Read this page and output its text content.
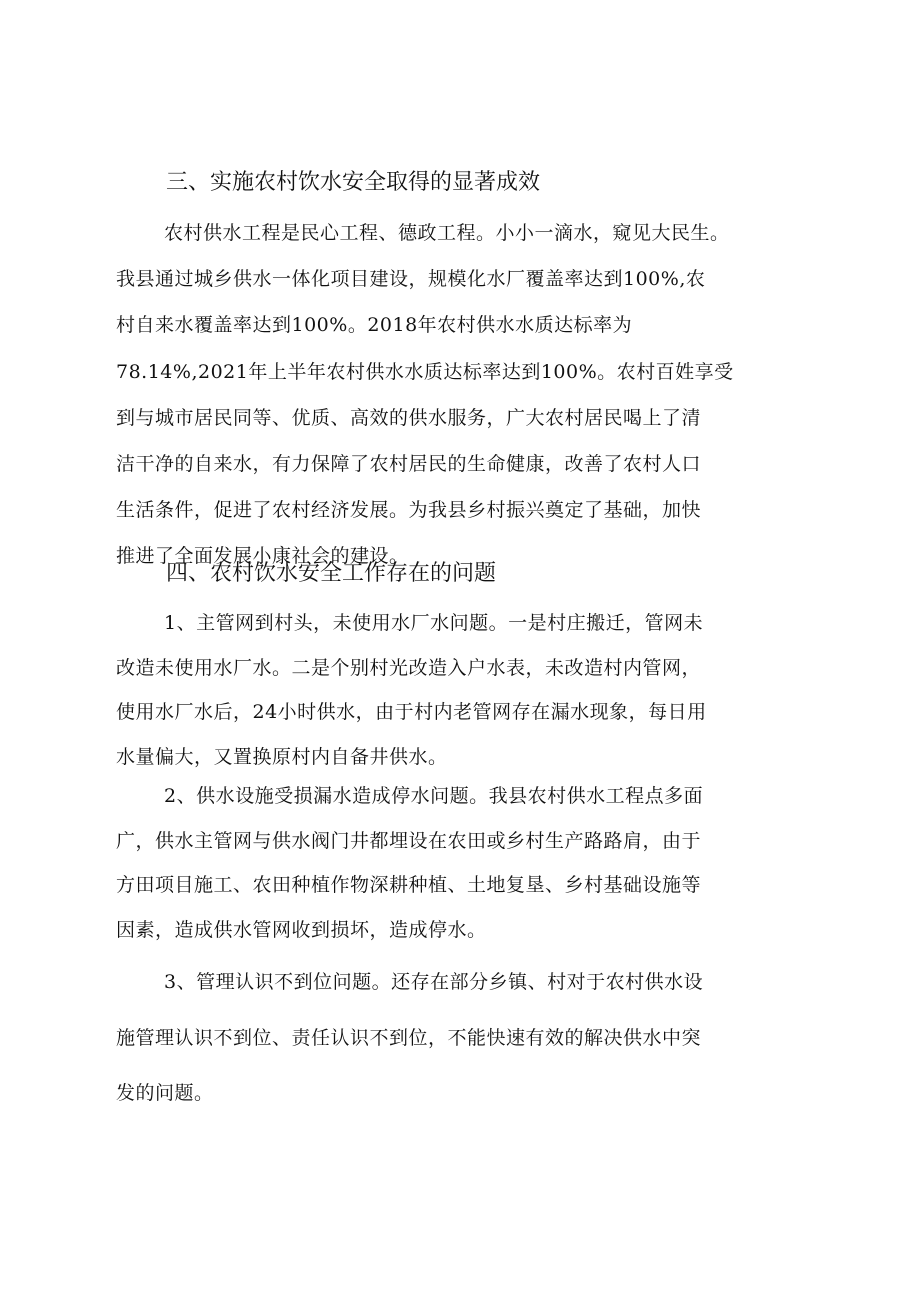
三、实施农村饮水安全取得的显著成效

农村供水工程是民心工程、德政工程。小小一滴水，窥见大民生。
我县通过城乡供水一体化项目建设，规模化水厂覆盖率达到100%,农
村自来水覆盖率达到100%。2018年农村供水水质达标率为
78.14%,2021年上半年农村供水水质达标率达到100%。农村百姓享受
到与城市居民同等、优质、高效的供水服务，广大农村居民喝上了清
洁干净的自来水，有力保障了农村居民的生命健康，改善了农村人口
生活条件，促进了农村经济发展。为我县乡村振兴奠定了基础，加快
推进了全面发展小康社会的建设。

四、农村饮水安全工作存在的问题

1、主管网到村头，未使用水厂水问题。一是村庄搬迁，管网未
改造未使用水厂水。二是个别村光改造入户水表，未改造村内管网，
使用水厂水后，24小时供水，由于村内老管网存在漏水现象，每日用
水量偏大，又置换原村内自备井供水。

2、供水设施受损漏水造成停水问题。我县农村供水工程点多面
广，供水主管网与供水阀门井都埋设在农田或乡村生产路路肩，由于
方田项目施工、农田种植作物深耕种植、土地复垦、乡村基础设施等
因素，造成供水管网收到损坏，造成停水。

3、管理认识不到位问题。还存在部分乡镇、村对于农村供水设
施管理认识不到位、责任认识不到位，不能快速有效的解决供水中突
发的问题。
